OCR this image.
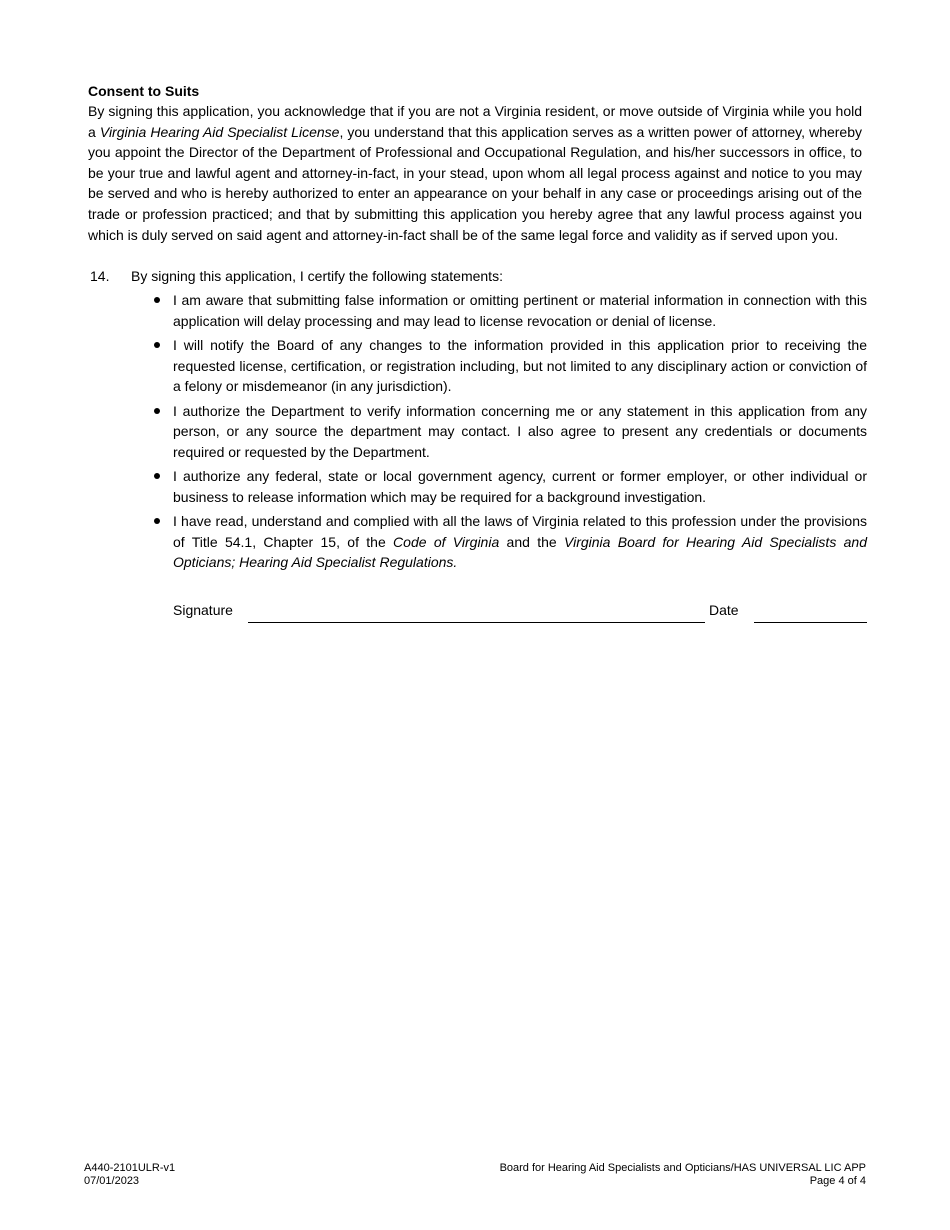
Consent to Suits

By signing this application, you acknowledge that if you are not a Virginia resident, or move outside of Virginia while you hold a Virginia Hearing Aid Specialist License, you understand that this application serves as a written power of attorney, whereby you appoint the Director of the Department of Professional and Occupational Regulation, and his/her successors in office, to be your true and lawful agent and attorney-in-fact, in your stead, upon whom all legal process against and notice to you may be served and who is hereby authorized to enter an appearance on your behalf in any case or proceedings arising out of the trade or profession practiced; and that by submitting this application you hereby agree that any lawful process against you which is duly served on said agent and attorney-in-fact shall be of the same legal force and validity as if served upon you.

14. By signing this application, I certify the following statements:
I am aware that submitting false information or omitting pertinent or material information in connection with this application will delay processing and may lead to license revocation or denial of license.
I will notify the Board of any changes to the information provided in this application prior to receiving the requested license, certification, or registration including, but not limited to any disciplinary action or conviction of a felony or misdemeanor (in any jurisdiction).
I authorize the Department to verify information concerning me or any statement in this application from any person, or any source the department may contact. I also agree to present any credentials or documents required or requested by the Department.
I authorize any federal, state or local government agency, current or former employer, or other individual or business to release information which may be required for a background investigation.
I have read, understand and complied with all the laws of Virginia related to this profession under the provisions of Title 54.1, Chapter 15, of the Code of Virginia and the Virginia Board for Hearing Aid Specialists and Opticians; Hearing Aid Specialist Regulations.
Signature	Date
A440-2101ULR-v1
07/01/2023
Board for Hearing Aid Specialists and Opticians/HAS UNIVERSAL LIC APP
Page 4 of 4
